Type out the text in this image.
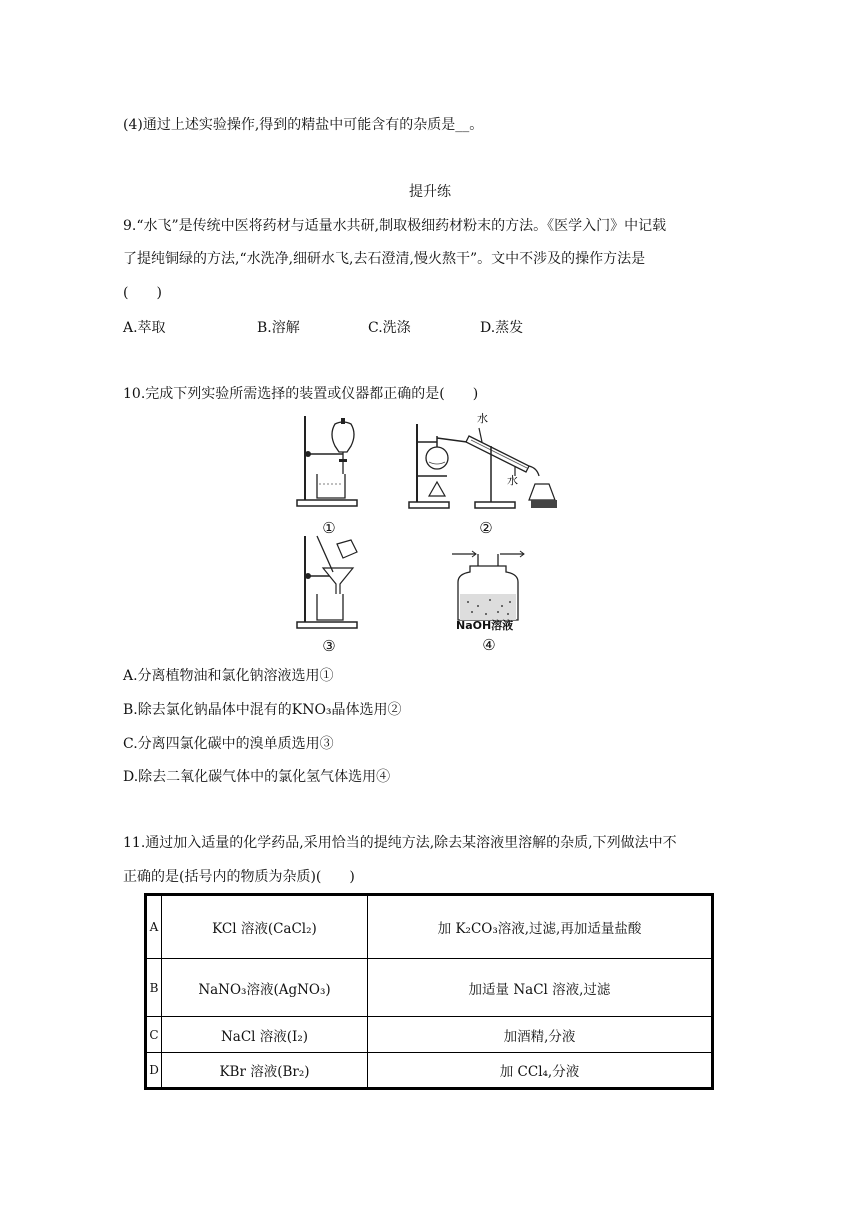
(4)通过上述实验操作,得到的精盐中可能含有的杂质是__。
提升练
9.“水飞”是传统中医将药材与适量水共研,制取极细药材粉末的方法。《医学入门》中记载
了提纯铜绿的方法,“水洗净,细研水飞,去石澄清,慢火熬干”。文中不涉及的操作方法是
(　　)
A.萃取	B.溶解	C.洗涤	D.蒸发
10.完成下列实验所需选择的装置或仪器都正确的是(　　)
①
水
水
②
③
NaOH溶液
④
A.分离植物油和氯化钠溶液选用①
B.除去氯化钠晶体中混有的KNO₃晶体选用②
C.分离四氯化碳中的溴单质选用③
D.除去二氧化碳气体中的氯化氢气体选用④
11.通过加入适量的化学药品,采用恰当的提纯方法,除去某溶液里溶解的杂质,下列做法中不
正确的是(括号内的物质为杂质)(　　)
A	KCl 溶液(CaCl₂)	加 K₂CO₃溶液,过滤,再加适量盐酸
B	NaNO₃溶液(AgNO₃)	加适量 NaCl 溶液,过滤
C	NaCl 溶液(I₂)	加酒精,分液
D	KBr 溶液(Br₂)	加 CCl₄,分液
